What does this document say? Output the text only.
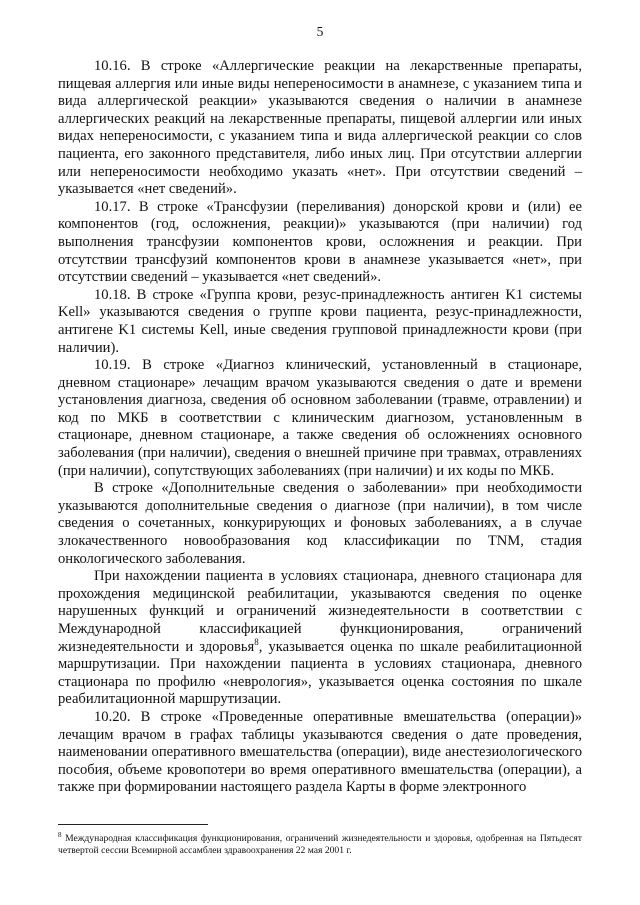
5

10.16. В строке «Аллергические реакции на лекарственные препараты, пищевая аллергия или иные виды непереносимости в анамнезе, с указанием типа и вида аллергической реакции» указываются сведения о наличии в анамнезе аллергических реакций на лекарственные препараты, пищевой аллергии или иных видах непереносимости, с указанием типа и вида аллергической реакции со слов пациента, его законного представителя, либо иных лиц. При отсутствии аллергии или непереносимости необходимо указать «нет». При отсутствии сведений – указывается «нет сведений».

10.17. В строке «Трансфузии (переливания) донорской крови и (или) ее компонентов (год, осложнения, реакции)» указываются (при наличии) год выполнения трансфузии компонентов крови, осложнения и реакции. При отсутствии трансфузий компонентов крови в анамнезе указывается «нет», при отсутствии сведений – указывается «нет сведений».

10.18. В строке «Группа крови, резус-принадлежность антиген K1 системы Kell» указываются сведения о группе крови пациента, резус-принадлежности, антигене K1 системы Kell, иные сведения групповой принадлежности крови (при наличии).

10.19. В строке «Диагноз клинический, установленный в стационаре, дневном стационаре» лечащим врачом указываются сведения о дате и времени установления диагноза, сведения об основном заболевании (травме, отравлении) и код по МКБ в соответствии с клиническим диагнозом, установленным в стационаре, дневном стационаре, а также сведения об осложнениях основного заболевания (при наличии), сведения о внешней причине при травмах, отравлениях (при наличии), сопутствующих заболеваниях (при наличии) и их коды по МКБ.

В строке «Дополнительные сведения о заболевании» при необходимости указываются дополнительные сведения о диагнозе (при наличии), в том числе сведения о сочетанных, конкурирующих и фоновых заболеваниях, а в случае злокачественного новообразования код классификации по TNM, стадия онкологического заболевания.

При нахождении пациента в условиях стационара, дневного стационара для прохождения медицинской реабилитации, указываются сведения по оценке нарушенных функций и ограничений жизнедеятельности в соответствии с Международной классификацией функционирования, ограничений жизнедеятельности и здоровья$^8$, указывается оценка по шкале реабилитационной маршрутизации. При нахождении пациента в условиях стационара, дневного стационара по профилю «неврология», указывается оценка состояния по шкале реабилитационной маршрутизации.

10.20. В строке «Проведенные оперативные вмешательства (операции)» лечащим врачом в графах таблицы указываются сведения о дате проведения, наименовании оперативного вмешательства (операции), виде анестезиологического пособия, объеме кровопотери во время оперативного вмешательства (операции), а также при формировании настоящего раздела Карты в форме электронного

$^8$ Международная классификация функционирования, ограничений жизнедеятельности и здоровья, одобренная на Пятьдесят четвертой сессии Всемирной ассамблеи здравоохранения 22 мая 2001 г.
